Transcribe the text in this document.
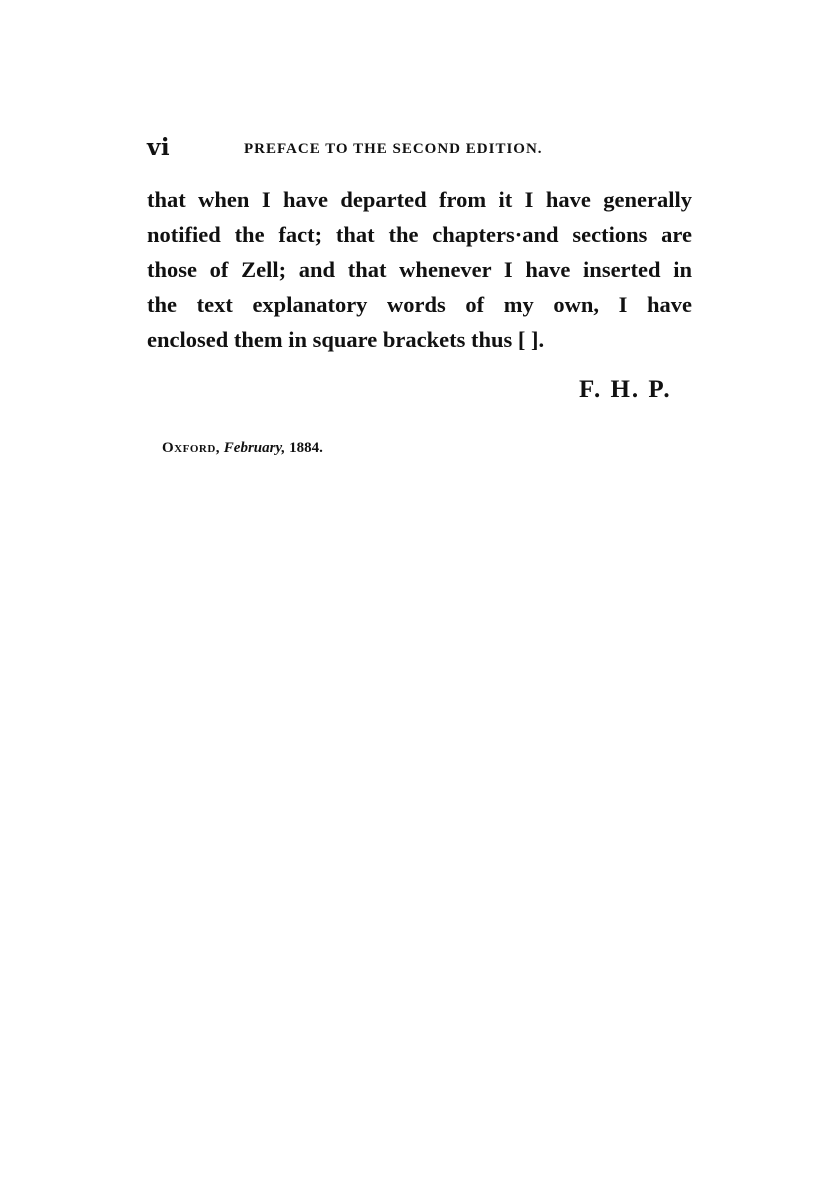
vi	PREFACE TO THE SECOND EDITION.
that when I have departed from it I have generally
notified the fact; that the chapters·and sections are
those of Zell; and that whenever I have inserted in
the text explanatory words of my own, I have
enclosed them in square brackets thus [ ].
F. H. P.
Oxford, February, 1884.
